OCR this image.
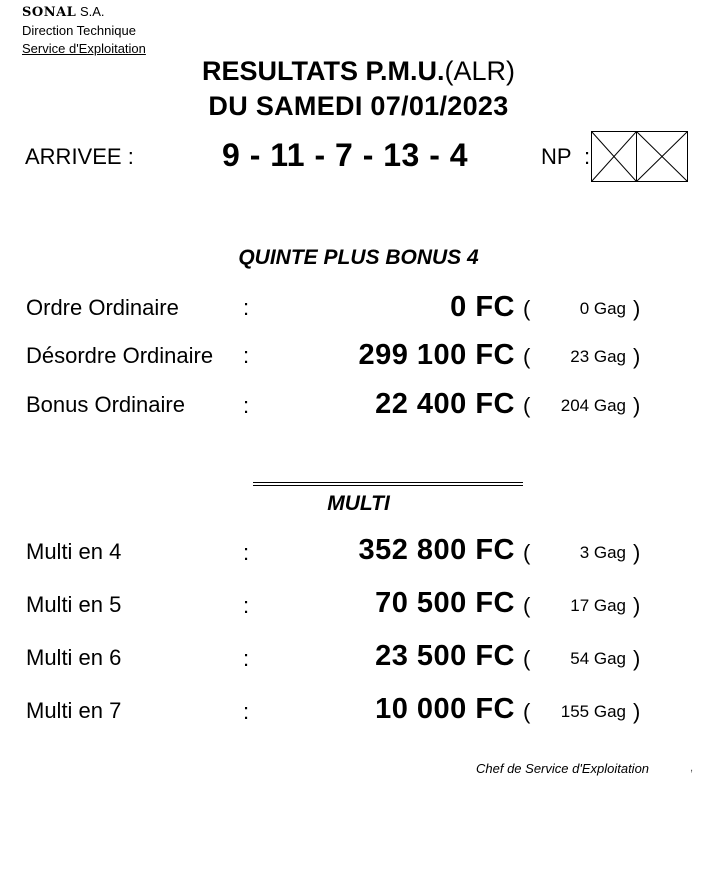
SONAL S.A.
Direction Technique
Service d'Exploitation
RESULTATS P.M.U.(ALR)
DU SAMEDI 07/01/2023
ARRIVEE :	9 - 11 - 7 - 13 - 4	NP :
QUINTE PLUS BONUS 4
Ordre Ordinaire	:	0 FC (	0 Gag )
Désordre Ordinaire :	299 100 FC ( 23 Gag )
Bonus Ordinaire	:	22 400 FC ( 204 Gag )
MULTI
Multi en 4	:	352 800 FC (	3 Gag )
Multi en 5	:	70 500 FC ( 17 Gag )
Multi en 6	:	23 500 FC ( 54 Gag )
Multi en 7	:	10 000 FC ( 155 Gag )
Chef de Service d'Exploitation	,
